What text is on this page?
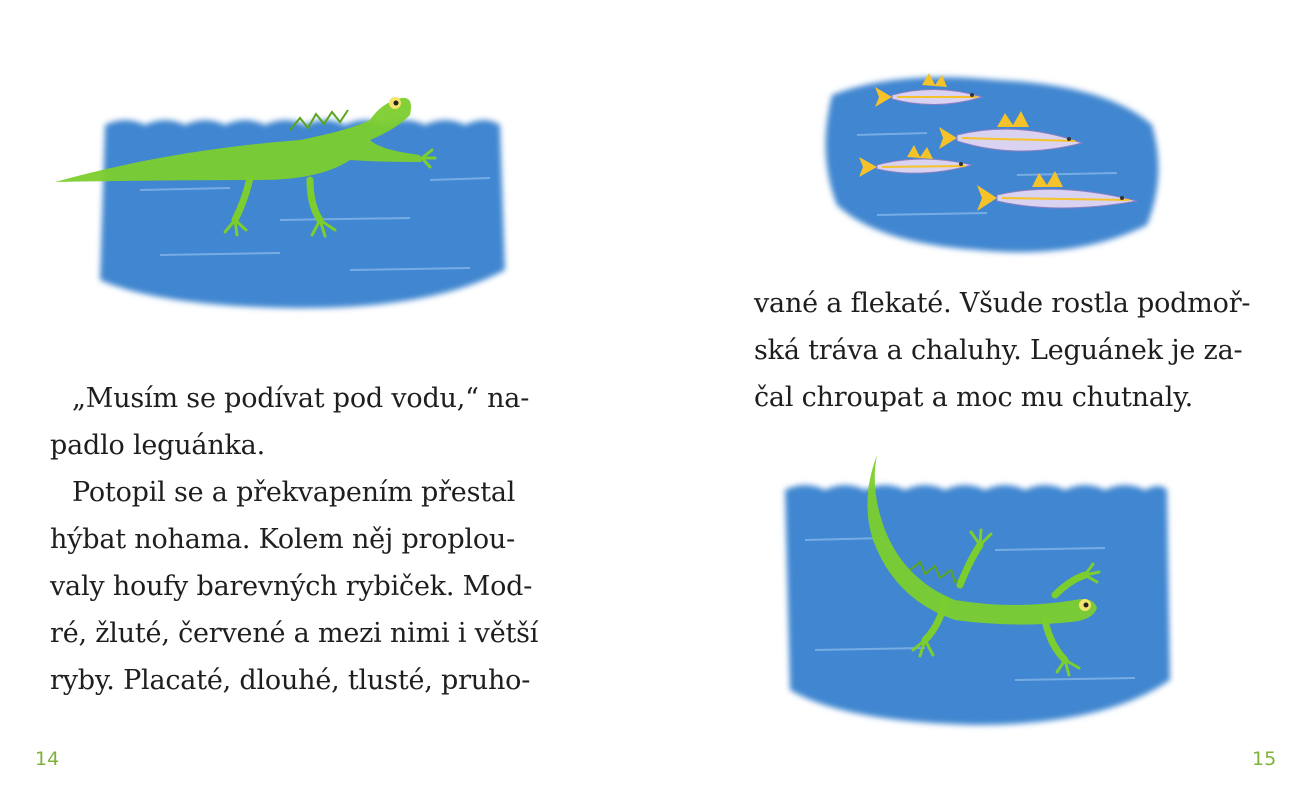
„Musím se podívat pod vodu,“ na-
padlo leguánka.
Potopil se a překvapením přestal
hýbat nohama. Kolem něj proplou-
valy houfy barevných rybiček. Mod-
ré, žluté, červené a mezi nimi i větší
ryby. Placaté, dlouhé, tlusté, pruho-
14
vané a flekaté. Všude rostla podmoř-
ská tráva a chaluhy. Leguánek je za-
čal chroupat a moc mu chutnaly.
15
